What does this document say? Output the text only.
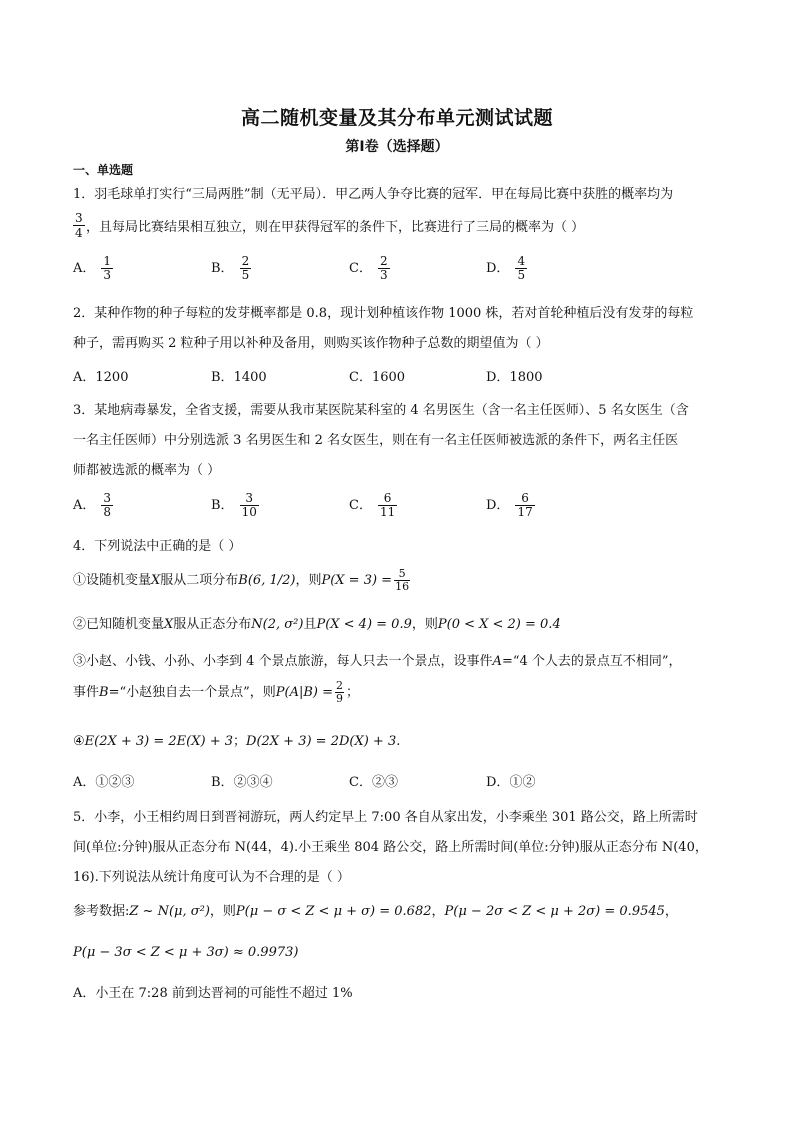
高二随机变量及其分布单元测试试题
第I卷（选择题）
一、单选题
1．羽毛球单打实行“三局两胜”制（无平局）．甲乙两人争夺比赛的冠军．甲在每局比赛中获胜的概率均为
$\frac{3}{4}$ ，且每局比赛结果相互独立，则在甲获得冠军的条件下，比赛进行了三局的概率为（ ）
A． $\frac{1}{3}$	B． $\frac{2}{5}$	C． $\frac{2}{3}$	D． $\frac{4}{5}$
2．某种作物的种子每粒的发芽概率都是 0.8，现计划种植该作物 1000 株，若对首轮种植后没有发芽的每粒
种子，需再购买 2 粒种子用以补种及备用，则购买该作物种子总数的期望值为（ ）
A．1200	B．1400	C．1600	D．1800
3．某地病毒暴发，全省支援，需要从我市某医院某科室的 4 名男医生（含一名主任医师）、5 名女医生（含
一名主任医师）中分别选派 3 名男医生和 2 名女医生，则在有一名主任医师被选派的条件下，两名主任医
师都被选派的概率为（ ）
A． $\frac{3}{8}$	B． $\frac{3}{10}$	C． $\frac{6}{11}$	D． $\frac{6}{17}$
4．下列说法中正确的是（ ）
①设随机变量X服从二项分布B(6, 1/2)，则$P(X = 3) = \frac{5}{16}$
②已知随机变量X服从正态分布N(2, σ²)且P(X < 4) = 0.9，则P(0 < X < 2) = 0.4
③小赵、小钱、小孙、小李到 4 个景点旅游，每人只去一个景点，设事件A=“4 个人去的景点互不相同”，
事件B=“小赵独自去一个景点”，则$P(A|B) = \frac{2}{9}$ ；
④E(2X + 3) = 2E(X) + 3；D(2X + 3) = 2D(X) + 3.
A．①②③	B．②③④	C．②③	D．①②
5．小李，小王相约周日到晋祠游玩，两人约定早上 7:00 各自从家出发，小李乘坐 301 路公交，路上所需时
间(单位:分钟)服从正态分布 N(44，4).小王乘坐 804 路公交，路上所需时间(单位:分钟)服从正态分布 N(40，
16).下列说法从统计角度可认为不合理的是（ ）
参考数据:Z ~ N(μ, σ²)，则P(μ − σ < Z < μ + σ) = 0.682，P(μ − 2σ < Z < μ + 2σ) = 0.9545，
P(μ − 3σ < Z < μ + 3σ) ≈ 0.9973)
A．小王在 7:28 前到达晋祠的可能性不超过 1%
